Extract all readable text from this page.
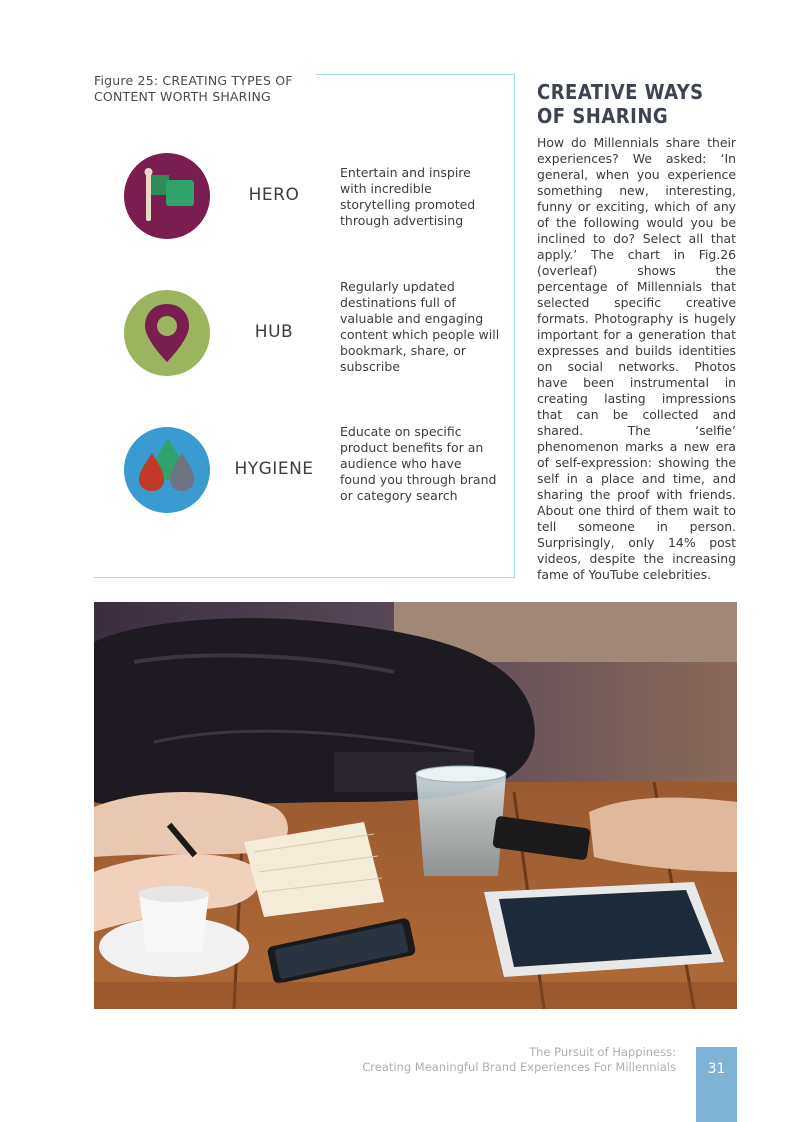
Figure 25: CREATING TYPES OF CONTENT WORTH SHARING
HERO
Entertain and inspire with incredible storytelling promoted through advertising
HUB
Regularly updated destinations full of valuable and engaging content which people will bookmark, share, or subscribe
HYGIENE
Educate on specific product benefits for an audience who have found you through brand or category search
CREATIVE WAYS OF SHARING
How do Millennials share their experiences? We asked: ‘In general, when you experience something new, interesting, funny or exciting, which of any of the following would you be inclined to do? Select all that apply.’ The chart in Fig.26 (overleaf) shows the percentage of Millennials that selected specific creative formats. Photography is hugely important for a generation that expresses and builds identities on social networks. Photos have been instrumental in creating lasting impressions that can be collected and shared. The ‘selfie’ phenomenon marks a new era of self-expression: showing the self in a place and time, and sharing the proof with friends. About one third of them wait to tell someone in person. Surprisingly, only 14% post videos, despite the increasing fame of YouTube celebrities.
The Pursuit of Happiness:
Creating Meaningful Brand Experiences For Millennials	31
